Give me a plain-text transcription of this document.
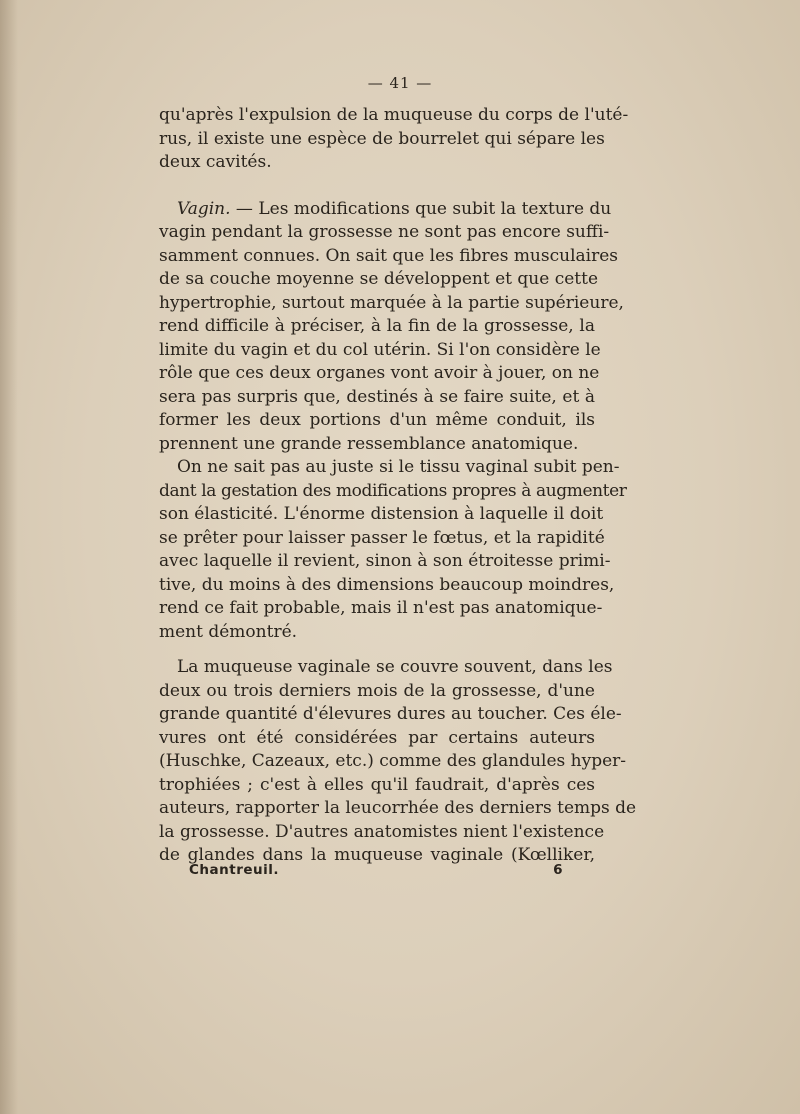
— 41 —
qu'après l'expulsion de la muqueuse du corps de l'uté-
rus, il existe une espèce de bourrelet qui sépare les
deux cavités.
Vagin. — Les modifications que subit la texture du
vagin pendant la grossesse ne sont pas encore suffi-
samment connues. On sait que les fibres musculaires
de sa couche moyenne se développent et que cette
hypertrophie, surtout marquée à la partie supérieure,
rend difficile à préciser, à la fin de la grossesse, la
limite du vagin et du col utérin. Si l'on considère le
rôle que ces deux organes vont avoir à jouer, on ne
sera pas surpris que, destinés à se faire suite, et à
former les deux portions d'un même conduit, ils
prennent une grande ressemblance anatomique.
On ne sait pas au juste si le tissu vaginal subit pen-
dant la gestation des modifications propres à augmenter
son élasticité. L'énorme distension à laquelle il doit
se prêter pour laisser passer le fœtus, et la rapidité
avec laquelle il revient, sinon à son étroitesse primi-
tive, du moins à des dimensions beaucoup moindres,
rend ce fait probable, mais il n'est pas anatomique-
ment démontré.
La muqueuse vaginale se couvre souvent, dans les
deux ou trois derniers mois de la grossesse, d'une
grande quantité d'élevures dures au toucher. Ces éle-
vures ont été considérées par certains auteurs
(Huschke, Cazeaux, etc.) comme des glandules hyper-
trophiées ; c'est à elles qu'il faudrait, d'après ces
auteurs, rapporter la leucorrhée des derniers temps de
la grossesse. D'autres anatomistes nient l'existence
de glandes dans la muqueuse vaginale (Kœlliker,
Chantreuil.	6
